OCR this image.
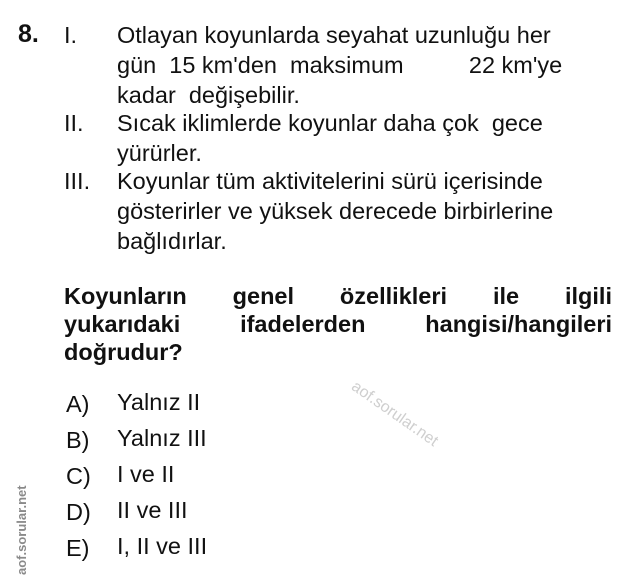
8. I. Otlayan koyunlarda seyahat uzunluğu her
gün  15 km'den  maksimum          22 km'ye
kadar  değişebilir.
II. Sıcak iklimlerde koyunlar daha çok  gece
yürürler.
III. Koyunlar tüm aktivitelerini sürü içerisinde
gösterirler ve yüksek derecede birbirlerine
bağlıdırlar.
Koyunların genel özellikleri ile ilgili
yukarıdaki ifadelerden hangisi/hangileri
doğrudur?
A) Yalnız II
B) Yalnız III
C) I ve II
D) II ve III
E) I, II ve III
aof.sorular.net
aof.sorular.net
